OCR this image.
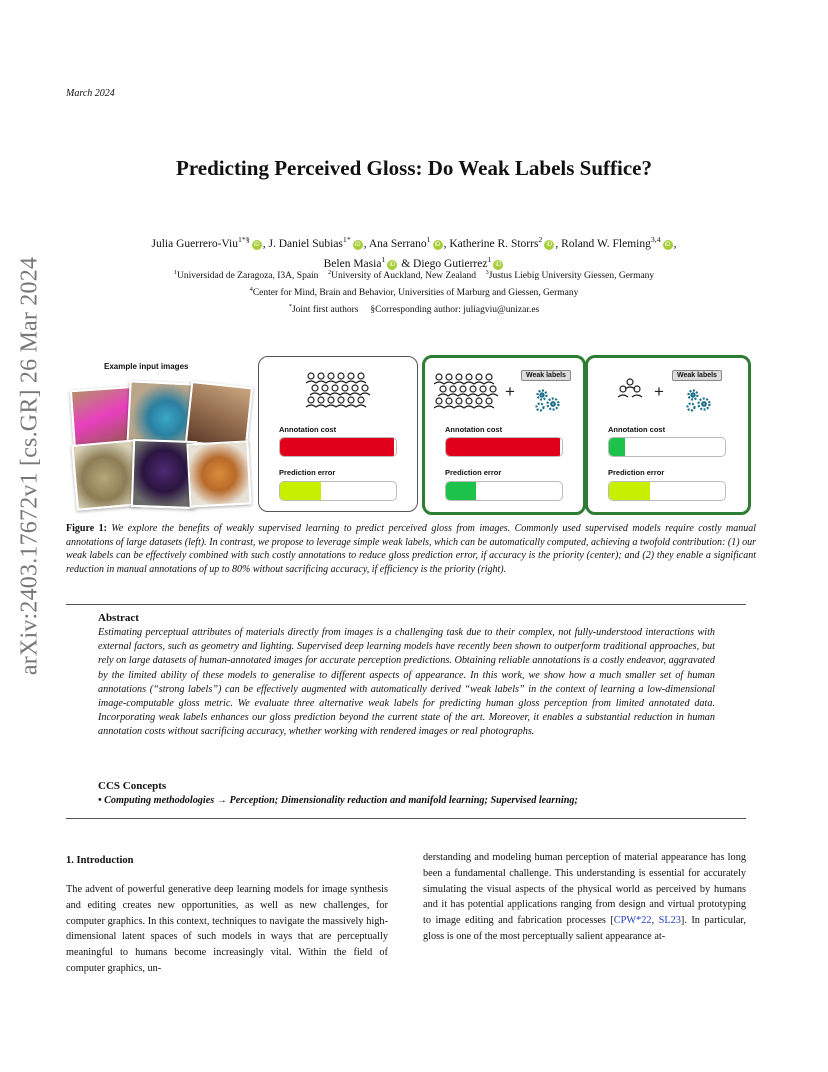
March 2024
arXiv:2403.17672v1 [cs.GR] 26 Mar 2024
Predicting Perceived Gloss: Do Weak Labels Suffice?
Julia Guerrero-Viu$^{1*\S}$iD , J. Daniel Subias$^{1*}$iD , Ana Serrano$^1$iD , Katherine R. Storrs$^2$iD , Roland W. Fleming$^{3,4}$iD ,
Belen Masia$^1$iD & Diego Gutierrez$^1$iD
$^1$Universidad de Zaragoza, I3A, Spain $^2$University of Auckland, New Zealand $^3$Justus Liebig University Giessen, Germany
$^4$Center for Mind, Brain and Behavior, Universities of Marburg and Giessen, Germany
*Joint first authors §Corresponding author: juliagviu@unizar.es
Example input images
Annotation cost
Prediction error
+
Weak labels
Annotation cost
Prediction error
+
Weak labels
Annotation cost
Prediction error
Figure 1: We explore the benefits of weakly supervised learning to predict perceived gloss from images. Commonly used supervised models require costly manual annotations of large datasets (left). In contrast, we propose to leverage simple weak labels, which can be automatically computed, achieving a twofold contribution: (1) our weak labels can be effectively combined with such costly annotations to reduce gloss prediction error, if accuracy is the priority (center); and (2) they enable a significant reduction in manual annotations of up to 80% without sacrificing accuracy, if efficiency is the priority (right).
Abstract
Estimating perceptual attributes of materials directly from images is a challenging task due to their complex, not fully-understood interactions with external factors, such as geometry and lighting. Supervised deep learning models have recently been shown to outperform traditional approaches, but rely on large datasets of human-annotated images for accurate perception predictions. Obtaining reliable annotations is a costly endeavor, aggravated by the limited ability of these models to generalise to different aspects of appearance. In this work, we show how a much smaller set of human annotations (“strong labels”) can be effectively augmented with automatically derived “weak labels” in the context of learning a low-dimensional image-computable gloss metric. We evaluate three alternative weak labels for predicting human gloss perception from limited annotated data. Incorporating weak labels enhances our gloss prediction beyond the current state of the art. Moreover, it enables a substantial reduction in human annotation costs without sacrificing accuracy, whether working with rendered images or real photographs.
CCS Concepts
• Computing methodologies → Perception; Dimensionality reduction and manifold learning; Supervised learning;
1. Introduction
The advent of powerful generative deep learning models for image synthesis and editing creates new opportunities, as well as new challenges, for computer graphics. In this context, techniques to navigate the massively high-dimensional latent spaces of such models in ways that are perceptually meaningful to humans become increasingly vital. Within the field of computer graphics, un-
derstanding and modeling human perception of material appearance has long been a fundamental challenge. This understanding is essential for accurately simulating the visual aspects of the physical world as perceived by humans and it has potential applications ranging from design and virtual prototyping to image editing and fabrication processes [CPW*22, SL23]. In particular, gloss is one of the most perceptually salient appearance at-
